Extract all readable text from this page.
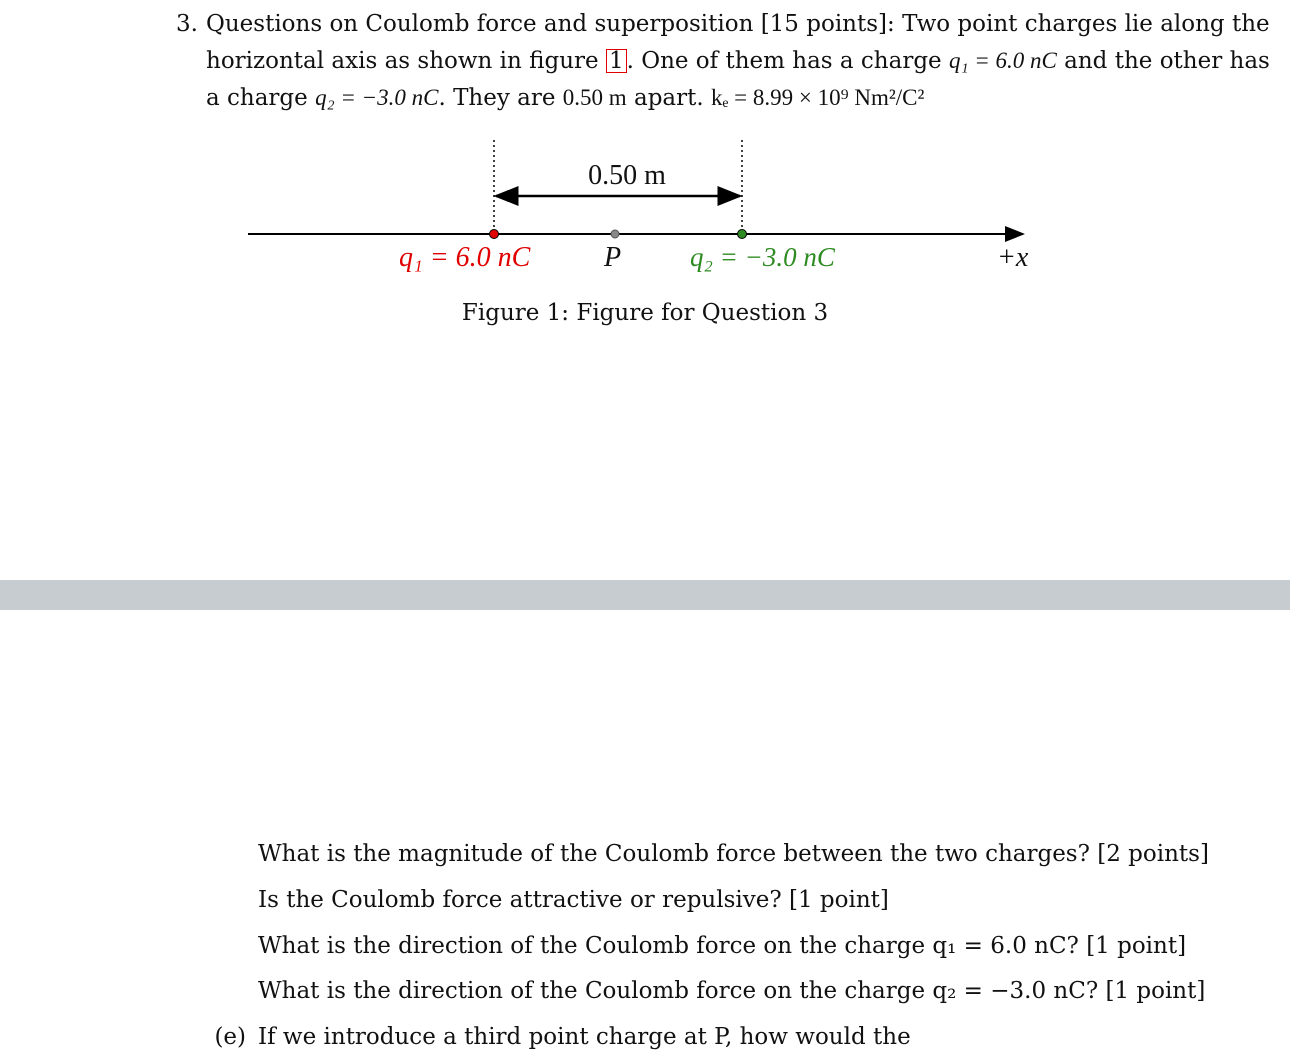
3. Questions on Coulomb force and superposition [15 points]: Two point charges lie along the
horizontal axis as shown in figure 1 . One of them has a charge q₁ = 6.0 nC and the other has
a charge q₂ = −3.0 nC. They are 0.50 m apart. kₑ = 8.99 × 10⁹ Nm²/C²
0.50 m
q₁ = 6.0 nC	P	q₂ = −3.0 nC	+x
Figure 1: Figure for Question 3
What is the magnitude of the Coulomb force between the two charges? [2 points]
Is the Coulomb force attractive or repulsive? [1 point]
What is the direction of the Coulomb force on the charge q₁ = 6.0 nC? [1 point]
What is the direction of the Coulomb force on the charge q₂ = −3.0 nC? [1 point]
(e) If we introduce a third point charge at P, how would the
